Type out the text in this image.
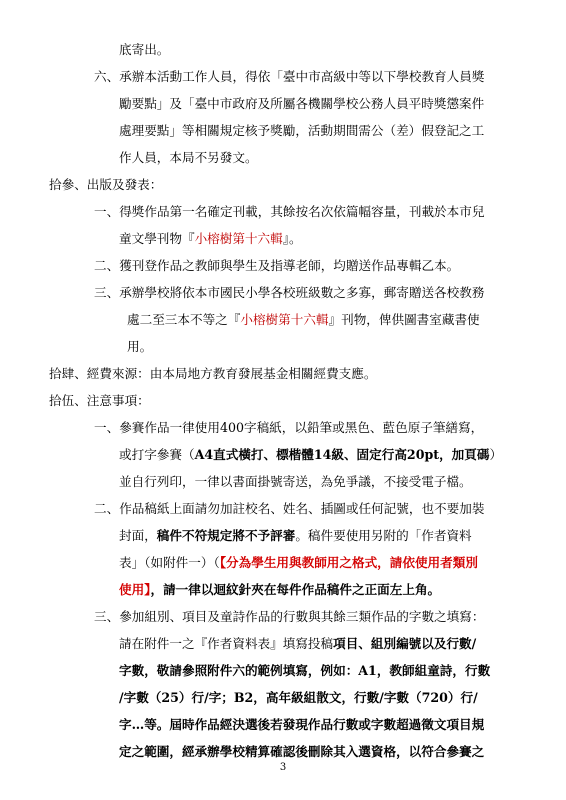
底寄出。
六、承辦本活動工作人員，得依「臺中市高級中等以下學校教育人員獎
勵要點」及「臺中市政府及所屬各機關學校公務人員平時獎懲案件
處理要點」等相關規定核予獎勵，活動期間需公（差）假登記之工
作人員，本局不另發文。
拾參、出版及發表：
一、得獎作品第一名確定刊載，其餘按名次依篇幅容量，刊載於本市兒
童文學刊物『小榕樹第十六輯』。
二、獲刊登作品之教師與學生及指導老師，均贈送作品專輯乙本。
三、承辦學校將依本市國民小學各校班級數之多寡，郵寄贈送各校教務
處二至三本不等之『小榕樹第十六輯』刊物，俾供圖書室藏書使
用。
拾肆、經費來源：由本局地方教育發展基金相關經費支應。
拾伍、注意事項：
一、參賽作品一律使用400字稿紙，以鉛筆或黑色、藍色原子筆繕寫，
或打字參賽（A4直式橫打、標楷體14級、固定行高20pt，加頁碼）
並自行列印，一律以書面掛號寄送，為免爭議，不接受電子檔。
二、作品稿紙上面請勿加註校名、姓名、插圖或任何記號，也不要加裝
封面，稿件不符規定將不予評審。稿件要使用另附的「作者資料
表」（如附件一）（【分為學生用與教師用之格式，請依使用者類別
使用】，請一律以迴紋針夾在每件作品稿件之正面左上角。
三、參加組別、項目及童詩作品的行數與其餘三類作品的字數之填寫：
請在附件一之『作者資料表』填寫投稿項目、組別編號以及行數/
字數，敬請參照附件六的範例填寫，例如：A1，教師組童詩，行數
/字數（25）行/字；B2，高年級組散文，行數/字數（720）行/
字…等。屆時作品經決選後若發現作品行數或字數超過徵文項目規
定之範圍，經承辦學校精算確認後刪除其入選資格，以符合參賽之
3
